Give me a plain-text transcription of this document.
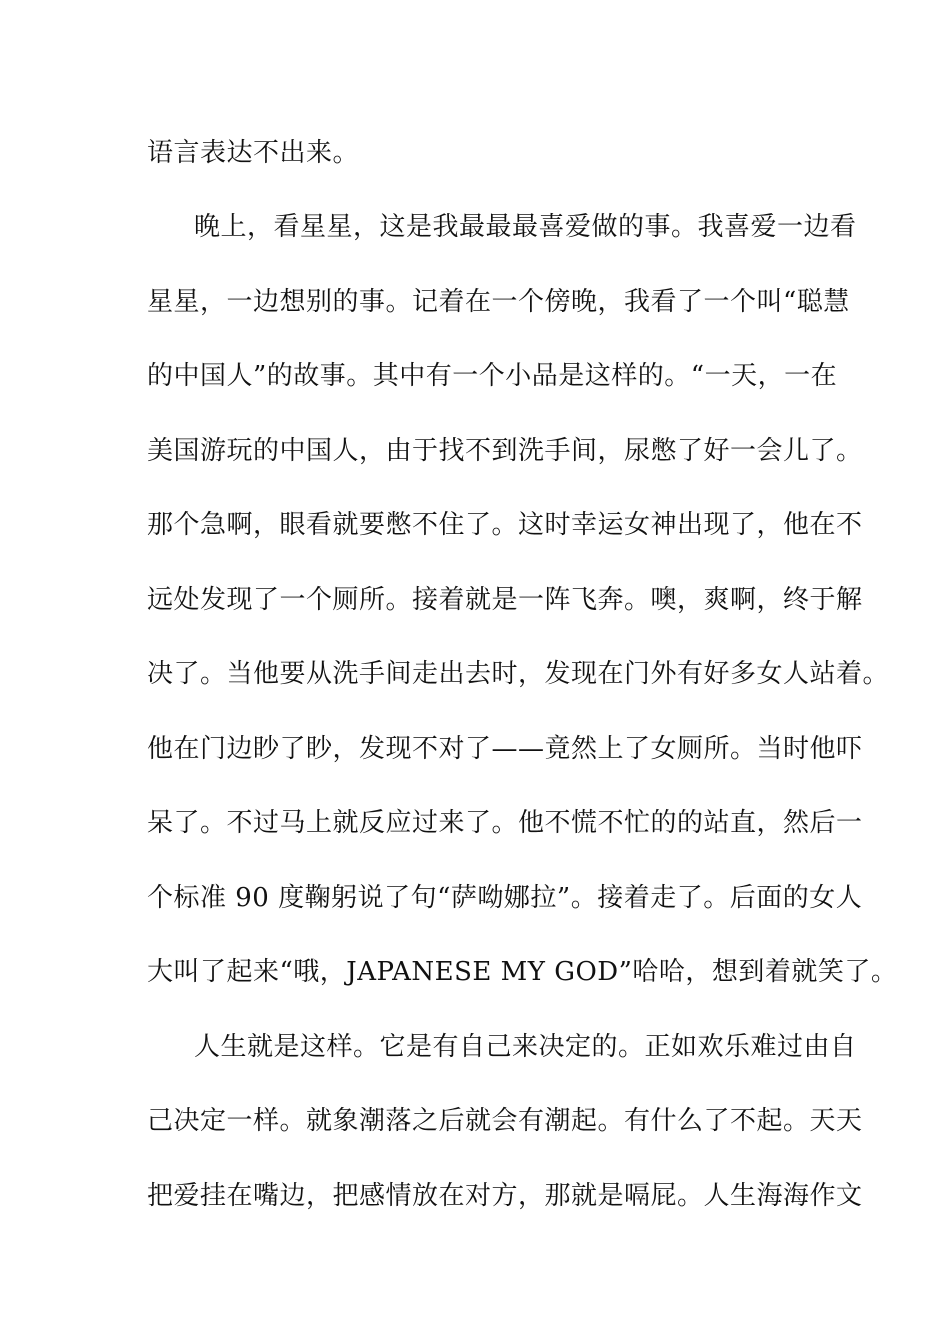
语言表达不出来。
晚上，看星星，这是我最最最喜爱做的事。我喜爱一边看
星星，一边想别的事。记着在一个傍晚，我看了一个叫“聪慧
的中国人”的故事。其中有一个小品是这样的。“一天，一在
美国游玩的中国人，由于找不到洗手间，尿憋了好一会儿了。
那个急啊，眼看就要憋不住了。这时幸运女神出现了，他在不
远处发现了一个厕所。接着就是一阵飞奔。噢，爽啊，终于解
决了。当他要从洗手间走出去时，发现在门外有好多女人站着。
他在门边眇了眇，发现不对了——竟然上了女厕所。当时他吓
呆了。不过马上就反应过来了。他不慌不忙的的站直，然后一
个标准 90 度鞠躬说了句“萨呦娜拉”。接着走了。后面的女人
大叫了起来“哦，JAPANESE MY GOD”哈哈，想到着就笑了。
人生就是这样。它是有自己来决定的。正如欢乐难过由自
己决定一样。就象潮落之后就会有潮起。有什么了不起。天天
把爱挂在嘴边，把感情放在对方，那就是嗝屁。人生海海作文
